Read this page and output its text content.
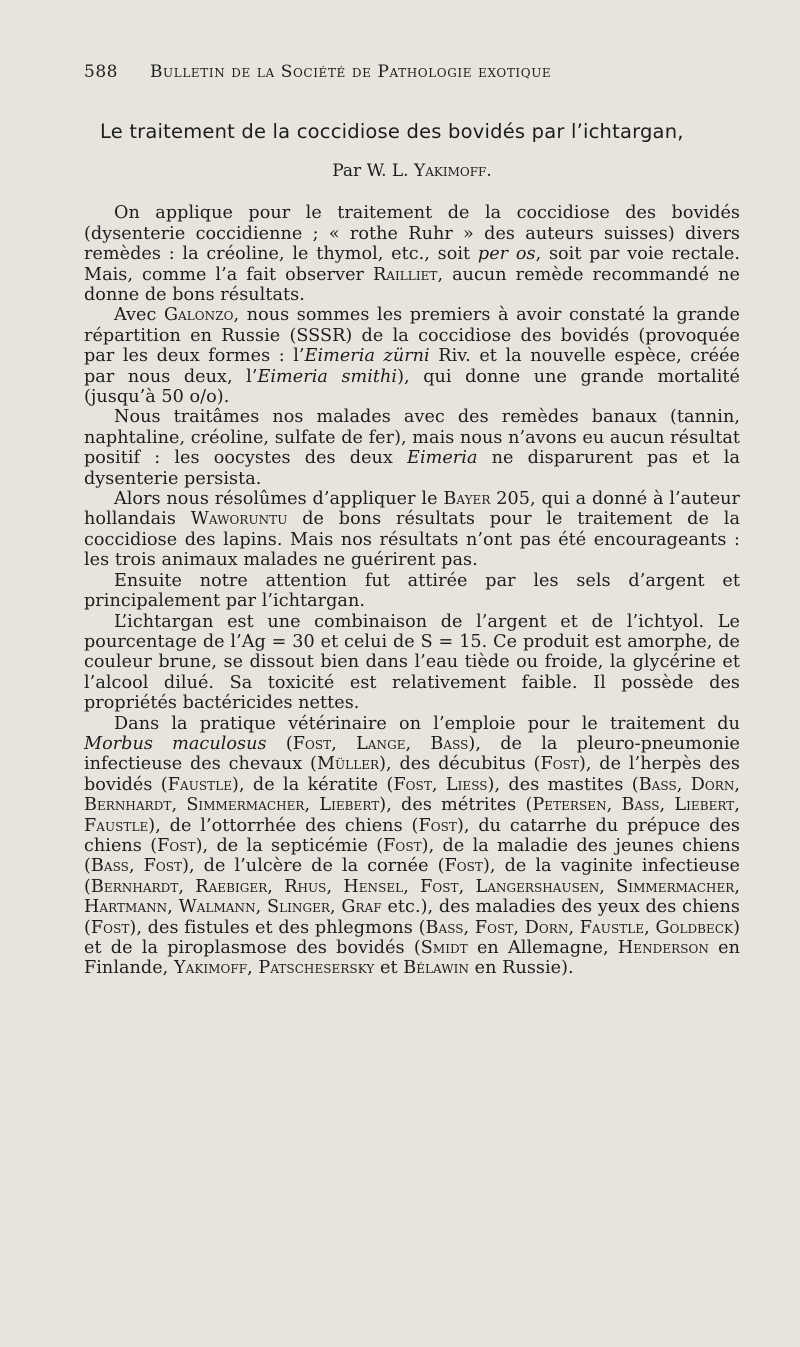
588 Bulletin de la Société de Pathologie exotique
Le traitement de la coccidiose des bovidés par l’ichtargan,
Par W. L. Yakimoff.

On applique pour le traitement de la coccidiose des bovidés (dysenterie coccidienne ; « rothe Ruhr » des auteurs suisses) divers remèdes : la créoline, le thymol, etc., soit per os, soit par voie rectale. Mais, comme l’a fait observer Railliet, aucun remède recommandé ne donne de bons résultats.

Avec Galonzo, nous sommes les premiers à avoir constaté la grande répartition en Russie (SSSR) de la coccidiose des bovidés (provoquée par les deux formes : l’Eimeria zürni Riv. et la nouvelle espèce, créée par nous deux, l’Eimeria smithi), qui donne une grande mortalité (jusqu’à 50 o/o).

Nous traitâmes nos malades avec des remèdes banaux (tannin, naphtaline, créoline, sulfate de fer), mais nous n’avons eu aucun résultat positif : les oocystes des deux Eimeria ne disparurent pas et la dysenterie persista.

Alors nous résolûmes d’appliquer le Bayer 205, qui a donné à l’auteur hollandais Waworuntu de bons résultats pour le traitement de la coccidiose des lapins. Mais nos résultats n’ont pas été encourageants : les trois animaux malades ne guérirent pas.

Ensuite notre attention fut attirée par les sels d’argent et principalement par l’ichtargan.

L’ichtargan est une combinaison de l’argent et de l’ichtyol. Le pourcentage de l’Ag = 30 et celui de S = 15. Ce produit est amorphe, de couleur brune, se dissout bien dans l’eau tiède ou froide, la glycérine et l’alcool dilué. Sa toxicité est relativement faible. Il possède des propriétés bactéricides nettes.

Dans la pratique vétérinaire on l’emploie pour le traitement du Morbus maculosus (Fost, Lange, Bass), de la pleuro-pneumonie infectieuse des chevaux (Müller), des décubitus (Fost), de l’herpès des bovidés (Faustle), de la kératite (Fost, Liess), des mastites (Bass, Dorn, Bernhardt, Simmermacher, Liebert), des métrites (Petersen, Bass, Liebert, Faustle), de l’ottorrhée des chiens (Fost), du catarrhe du prépuce des chiens (Fost), de la septicémie (Fost), de la maladie des jeunes chiens (Bass, Fost), de l’ulcère de la cornée (Fost), de la vaginite infectieuse (Bernhardt, Raebiger, Rhus, Hensel, Fost, Langershausen, Simmermacher, Hartmann, Walmann, Slinger, Graf etc.), des maladies des yeux des chiens (Fost), des fistules et des phlegmons (Bass, Fost, Dorn, Faustle, Goldbeck) et de la piroplasmose des bovidés (Smidt en Allemagne, Henderson en Finlande, Yakimoff, Patschesersky et Bélawin en Russie).
